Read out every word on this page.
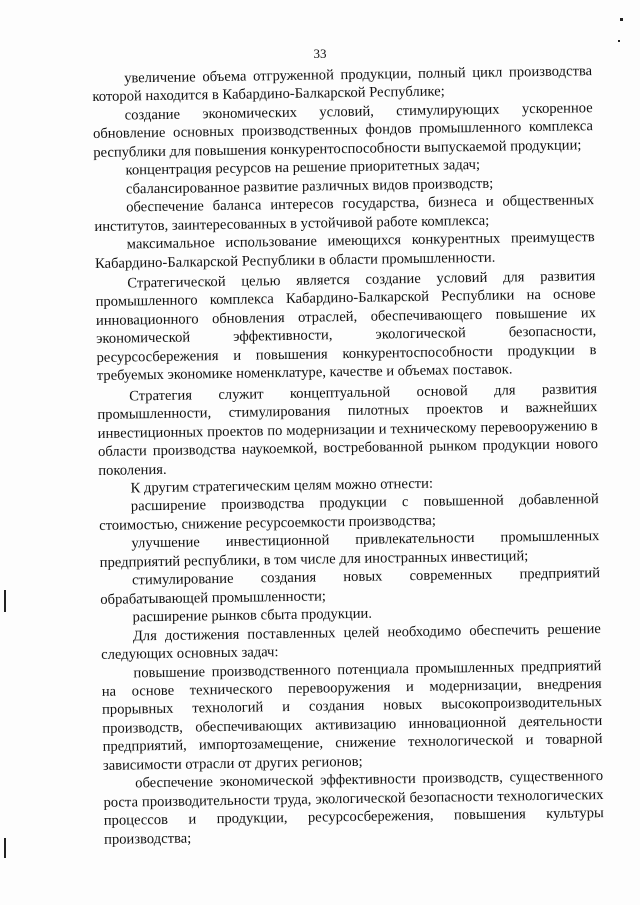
33

увеличение объема отгруженной продукции, полный цикл производства которой находится в Кабардино-Балкарской Республике;

создание экономических условий, стимулирующих ускоренное обновление основных производственных фондов промышленного комплекса республики для повышения конкурентоспособности выпускаемой продукции;

концентрация ресурсов на решение приоритетных задач;

сбалансированное развитие различных видов производств;

обеспечение баланса интересов государства, бизнеса и общественных институтов, заинтересованных в устойчивой работе комплекса;

максимальное использование имеющихся конкурентных преимуществ Кабардино-Балкарской Республики в области промышленности.

Стратегической целью является создание условий для развития промышленного комплекса Кабардино-Балкарской Республики на основе инновационного обновления отраслей, обеспечивающего повышение их экономической эффективности, экологической безопасности, ресурсосбережения и повышения конкурентоспособности продукции в требуемых экономике номенклатуре, качестве и объемах поставок.

Стратегия служит концептуальной основой для развития промышленности, стимулирования пилотных проектов и важнейших инвестиционных проектов по модернизации и техническому перевооружению в области производства наукоемкой, востребованной рынком продукции нового поколения.

К другим стратегическим целям можно отнести:

расширение производства продукции с повышенной добавленной стоимостью, снижение ресурсоемкости производства;

улучшение инвестиционной привлекательности промышленных предприятий республики, в том числе для иностранных инвестиций;

стимулирование создания новых современных предприятий обрабатывающей промышленности;

расширение рынков сбыта продукции.

Для достижения поставленных целей необходимо обеспечить решение следующих основных задач:

повышение производственного потенциала промышленных предприятий на основе технического перевооружения и модернизации, внедрения прорывных технологий и создания новых высокопроизводительных производств, обеспечивающих активизацию инновационной деятельности предприятий, импортозамещение, снижение технологической и товарной зависимости отрасли от других регионов;

обеспечение экономической эффективности производств, существенного роста производительности труда, экологической безопасности технологических процессов и продукции, ресурсосбережения, повышения культуры производства;
